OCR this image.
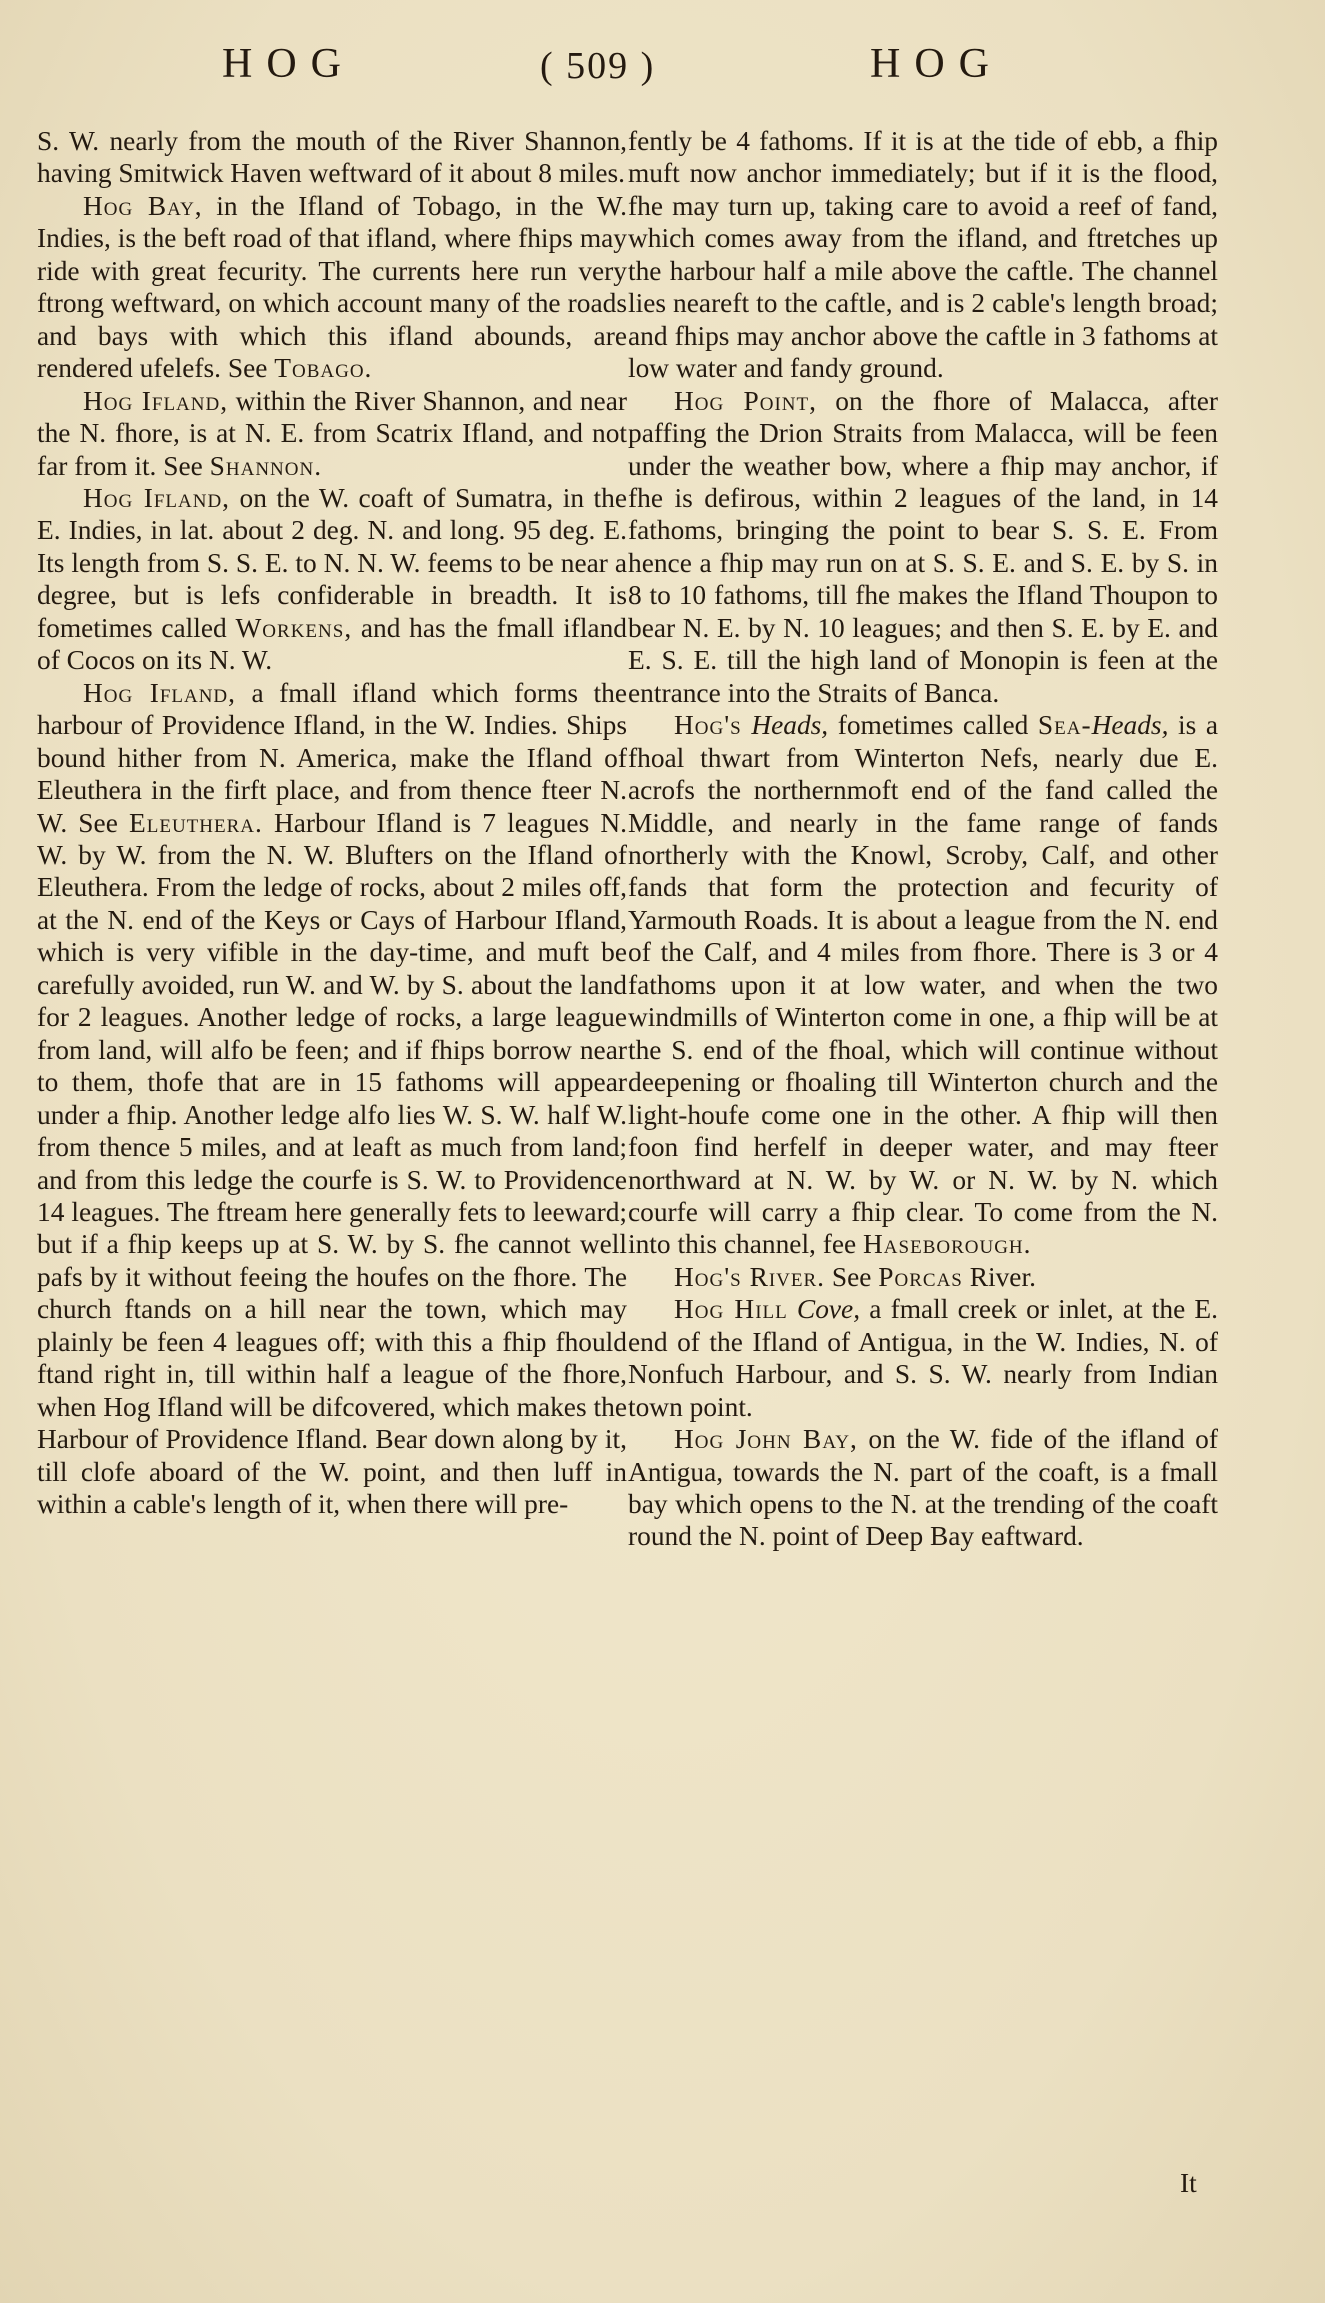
HOG	( 509 )	HOG

S. W. nearly from the mouth of the River Shannon, having Smitwick Haven weftward of it about 8 miles.

Hog Bay, in the Ifland of Tobago, in the W. Indies, is the beft road of that ifland, where fhips may ride with great fecurity. The currents here run very ftrong weftward, on which account many of the roads and bays with which this ifland abounds, are rendered ufelefs. See Tobago.

Hog Ifland, within the River Shannon, and near the N. fhore, is at N. E. from Scatrix Ifland, and not far from it. See Shannon.

Hog Ifland, on the W. coaft of Sumatra, in the E. Indies, in lat. about 2 deg. N. and long. 95 deg. E. Its length from S. S. E. to N. N. W. feems to be near a degree, but is lefs confiderable in breadth. It is fometimes called Workens, and has the fmall ifland of Cocos on its N. W.

Hog Ifland, a fmall ifland which forms the harbour of Providence Ifland, in the W. Indies. Ships bound hither from N. America, make the Ifland of Eleuthera in the firft place, and from thence fteer N. W. See Eleuthera. Harbour Ifland is 7 leagues N. W. by W. from the N. W. Blufters on the Ifland of Eleuthera. From the ledge of rocks, about 2 miles off, at the N. end of the Keys or Cays of Harbour Ifland, which is very vifible in the day-time, and muft be carefully avoided, run W. and W. by S. about the land for 2 leagues. Another ledge of rocks, a large league from land, will alfo be feen; and if fhips borrow near to them, thofe that are in 15 fathoms will appear under a fhip. Another ledge alfo lies W. S. W. half W. from thence 5 miles, and at leaft as much from land; and from this ledge the courfe is S. W. to Providence 14 leagues. The ftream here generally fets to leeward; but if a fhip keeps up at S. W. by S. fhe cannot well pafs by it without feeing the houfes on the fhore. The church ftands on a hill near the town, which may plainly be feen 4 leagues off; with this a fhip fhould ftand right in, till within half a league of the fhore, when Hog Ifland will be difcovered, which makes the Harbour of Providence Ifland. Bear down along by it, till clofe aboard of the W. point, and then luff in within a cable's length of it, when there will pre-

fently be 4 fathoms. If it is at the tide of ebb, a fhip muft now anchor immediately; but if it is the flood, fhe may turn up, taking care to avoid a reef of fand, which comes away from the ifland, and ftretches up the harbour half a mile above the caftle. The channel lies neareft to the caftle, and is 2 cable's length broad; and fhips may anchor above the caftle in 3 fathoms at low water and fandy ground.

Hog Point, on the fhore of Malacca, after paffing the Drion Straits from Malacca, will be feen under the weather bow, where a fhip may anchor, if fhe is defirous, within 2 leagues of the land, in 14 fathoms, bringing the point to bear S. S. E. From hence a fhip may run on at S. S. E. and S. E. by S. in 8 to 10 fathoms, till fhe makes the Ifland Thoupon to bear N. E. by N. 10 leagues; and then S. E. by E. and E. S. E. till the high land of Monopin is feen at the entrance into the Straits of Banca.

Hog's Heads, fometimes called Sea-Heads, is a fhoal thwart from Winterton Nefs, nearly due E. acrofs the northernmoft end of the fand called the Middle, and nearly in the fame range of fands northerly with the Knowl, Scroby, Calf, and other fands that form the protection and fecurity of Yarmouth Roads. It is about a league from the N. end of the Calf, and 4 miles from fhore. There is 3 or 4 fathoms upon it at low water, and when the two windmills of Winterton come in one, a fhip will be at the S. end of the fhoal, which will continue without deepening or fhoaling till Winterton church and the light-houfe come one in the other. A fhip will then foon find herfelf in deeper water, and may fteer northward at N. W. by W. or N. W. by N. which courfe will carry a fhip clear. To come from the N. into this channel, fee Haseborough.

Hog's River. See Porcas River.

Hog Hill Cove, a fmall creek or inlet, at the E. end of the Ifland of Antigua, in the W. Indies, N. of Nonfuch Harbour, and S. S. W. nearly from Indian town point.

Hog John Bay, on the W. fide of the ifland of Antigua, towards the N. part of the coaft, is a fmall bay which opens to the N. at the trending of the coaft round the N. point of Deep Bay eaftward.

It
